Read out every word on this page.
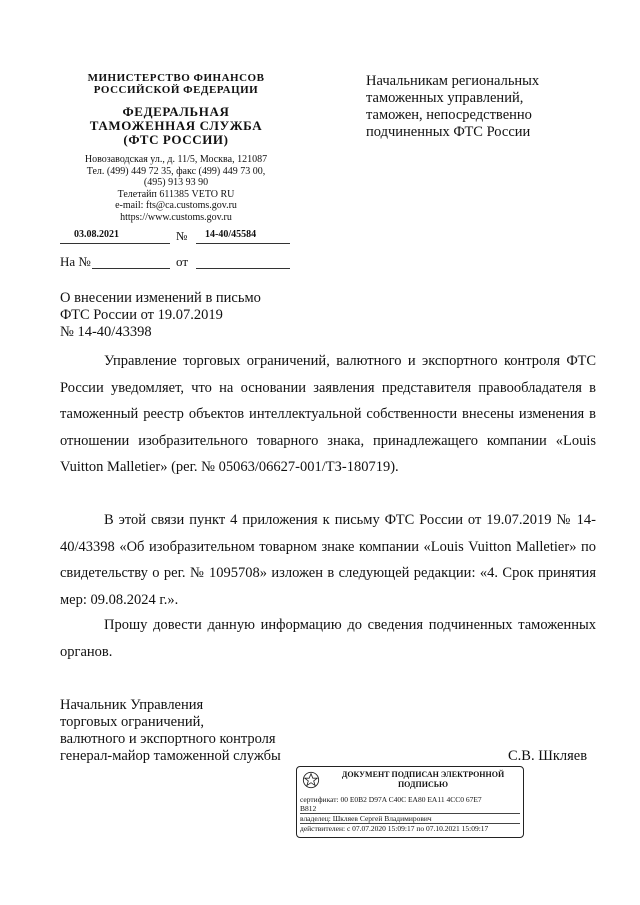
МИНИСТЕРСТВО ФИНАНСОВ
РОССИЙСКОЙ ФЕДЕРАЦИИ
ФЕДЕРАЛЬНАЯ
ТАМОЖЕННАЯ СЛУЖБА
(ФТС РОССИИ)
Новозаводская ул., д. 11/5, Москва, 121087
Тел. (499) 449 72 35, факс (499) 449 73 00,
(495) 913 93 90
Телетайп 611385 VETO RU
e-mail: fts@ca.customs.gov.ru
https://www.customs.gov.ru
03.08.2021	№ 14-40/45584
На №	от
Начальникам региональных
таможенных управлений,
таможен, непосредственно
подчиненных ФТС России
О внесении изменений в письмо
ФТС России от 19.07.2019
№ 14-40/43398
Управление торговых ограничений, валютного и экспортного контроля ФТС России уведомляет, что на основании заявления представителя правообладателя в таможенный реестр объектов интеллектуальной собственности внесены изменения в отношении изобразительного товарного знака, принадлежащего компании «Louis Vuitton Malletier» (рег. № 05063/06627-001/ТЗ-180719).
В этой связи пункт 4 приложения к письму ФТС России от 19.07.2019 № 14-40/43398 «Об изобразительном товарном знаке компании «Louis Vuitton Malletier» по свидетельству о рег. № 1095708» изложен в следующей редакции: «4. Срок принятия мер: 09.08.2024 г.».
Прошу довести данную информацию до сведения подчиненных таможенных органов.
Начальник Управления
торговых ограничений,
валютного и экспортного контроля
генерал-майор таможенной службы	С.В. Шкляев
ДОКУМЕНТ ПОДПИСАН ЭЛЕКТРОННОЙ
ПОДПИСЬЮ
сертификат: 00 E0B2 D97A C40C EA80 EA11 4CC0 67E7
B812
владелец: Шкляев Сергей Владимирович
действителен: с 07.07.2020 15:09:17 по 07.10.2021 15:09:17
